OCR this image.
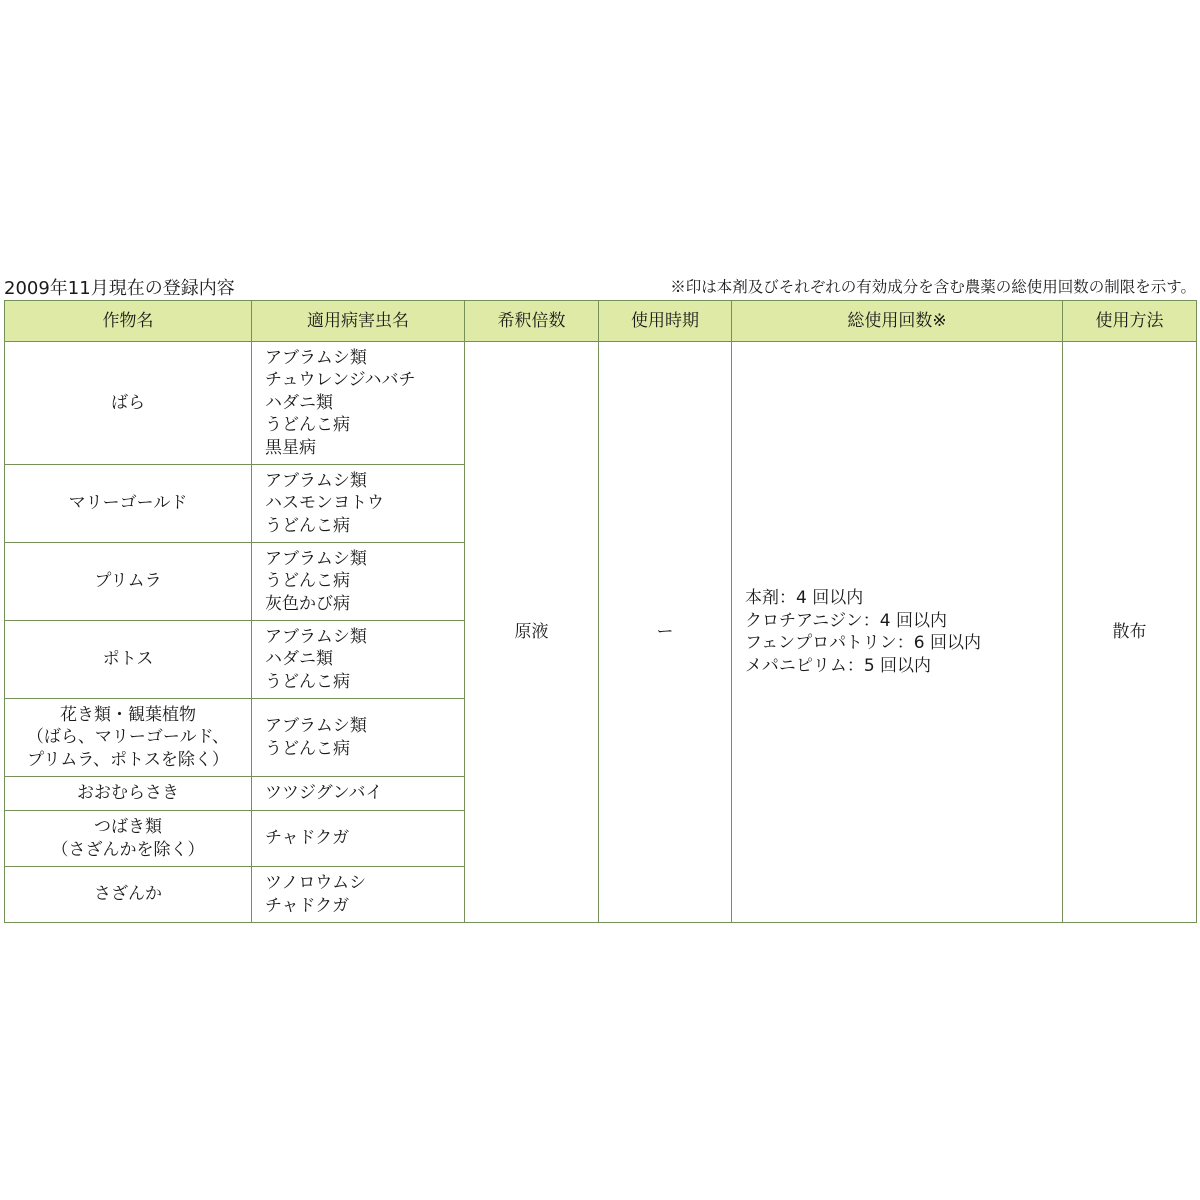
2009年11月現在の登録内容	※印は本剤及びそれぞれの有効成分を含む農薬の総使用回数の制限を示す。
作物名	適用病害虫名	希釈倍数	使用時期	総使用回数※	使用方法

ばら	アブラムシ類
チュウレンジハバチ
ハダニ類
うどんこ病
黒星病	原液	ー	本剤：4 回以内
クロチアニジン：4 回以内
フェンプロパトリン：6 回以内
メパニピリム：5 回以内	散布

マリーゴールド	アブラムシ類
ハスモンヨトウ
うどんこ病				

プリムラ	アブラムシ類
うどんこ病
灰色かび病				

ポトス	アブラムシ類
ハダニ類
うどんこ病				

花き類・観葉植物
（ばら、マリーゴールド、
プリムラ、ポトスを除く）	アブラムシ類
うどんこ病				

おおむらさき	ツツジグンバイ				

つばき類
（さざんかを除く）	チャドクガ				

さざんか	ツノロウムシ
チャドクガ				
